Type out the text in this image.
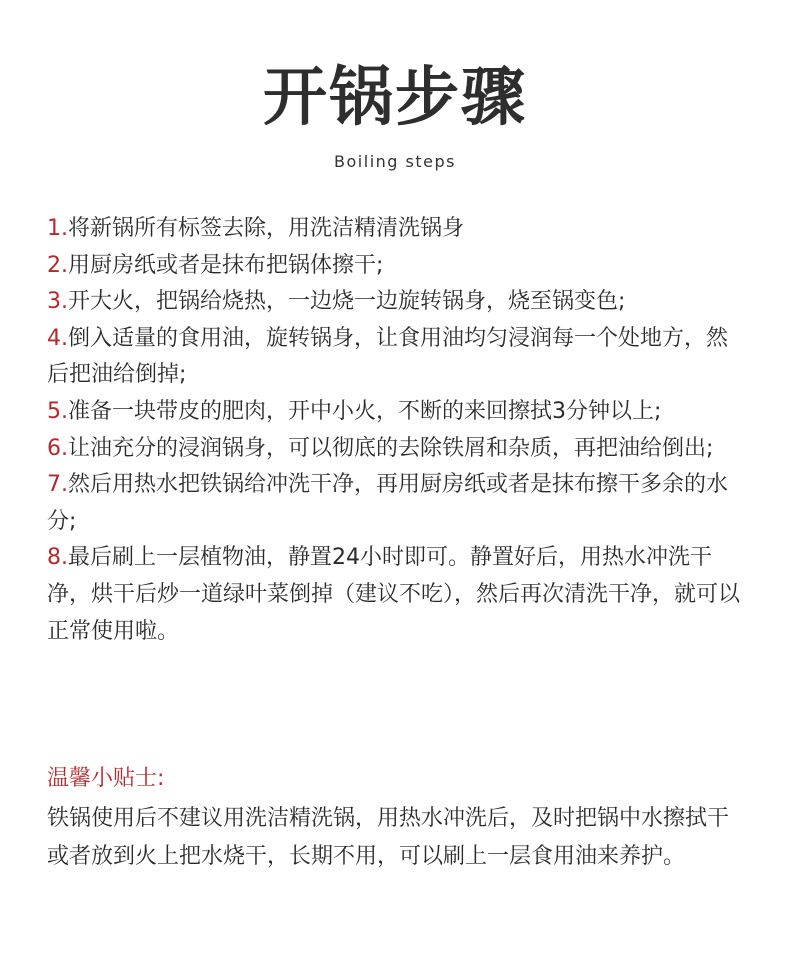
开锅步骤
Boiling steps

1.将新锅所有标签去除，用洗洁精清洗锅身

2.用厨房纸或者是抹布把锅体擦干;

3.开大火，把锅给烧热，一边烧一边旋转锅身，烧至锅变色;

4.倒入适量的食用油，旋转锅身，让食用油均匀浸润每一个处地方，然后把油给倒掉;

5.准备一块带皮的肥肉，开中小火，不断的来回擦拭3分钟以上;

6.让油充分的浸润锅身，可以彻底的去除铁屑和杂质，再把油给倒出;

7.然后用热水把铁锅给冲洗干净，再用厨房纸或者是抹布擦干多余的水分;

8.最后刷上一层植物油，静置24小时即可。静置好后，用热水冲洗干净，烘干后炒一道绿叶菜倒掉（建议不吃），然后再次清洗干净，就可以正常使用啦。

温馨小贴士:
铁锅使用后不建议用洗洁精洗锅，用热水冲洗后，及时把锅中水擦拭干或者放到火上把水烧干，长期不用，可以刷上一层食用油来养护。
